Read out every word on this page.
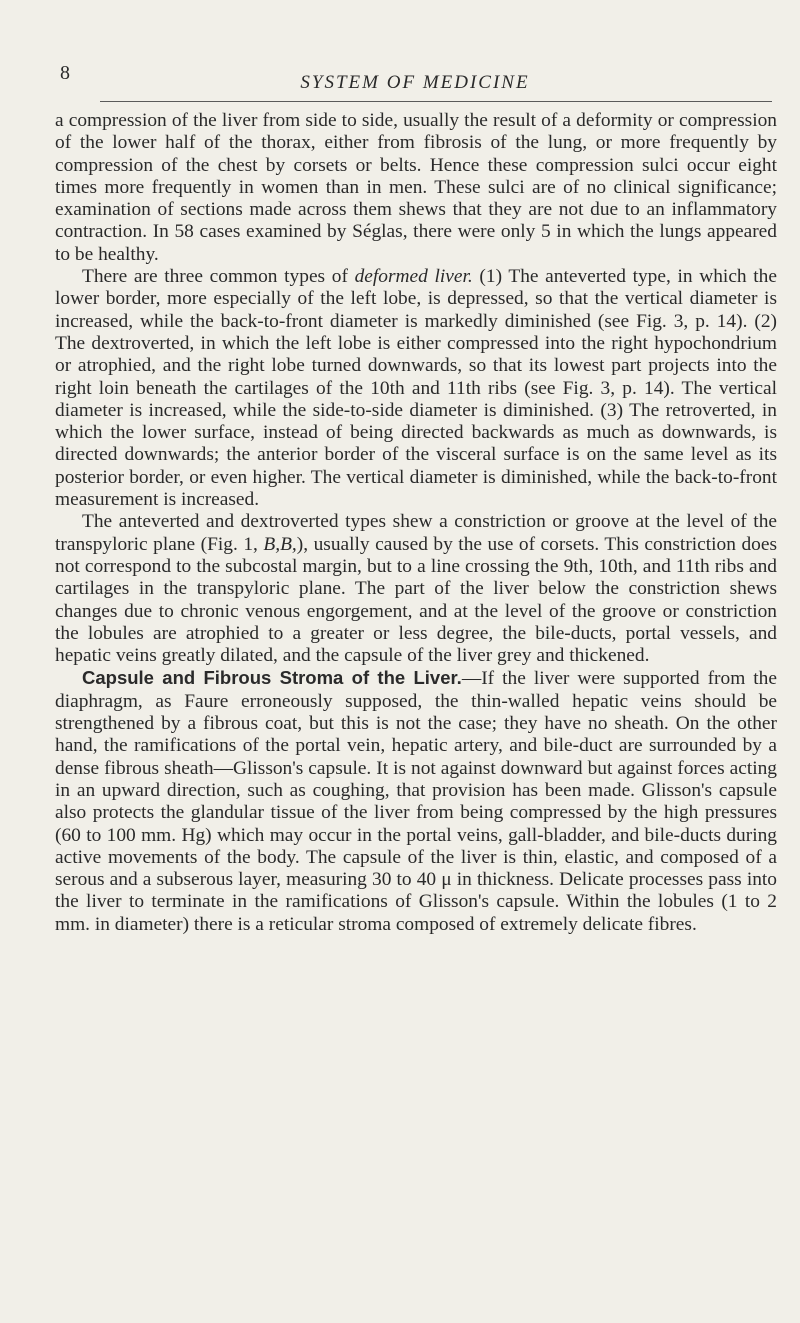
8	SYSTEM OF MEDICINE

a compression of the liver from side to side, usually the result of a deformity or compression of the lower half of the thorax, either from fibrosis of the lung, or more frequently by compression of the chest by corsets or belts. Hence these compression sulci occur eight times more frequently in women than in men. These sulci are of no clinical significance; examination of sections made across them shews that they are not due to an inflammatory contraction. In 58 cases examined by Séglas, there were only 5 in which the lungs appeared to be healthy.

There are three common types of deformed liver. (1) The anteverted type, in which the lower border, more especially of the left lobe, is depressed, so that the vertical diameter is increased, while the back-to-front diameter is markedly diminished (see Fig. 3, p. 14). (2) The dextroverted, in which the left lobe is either compressed into the right hypochondrium or atrophied, and the right lobe turned downwards, so that its lowest part projects into the right loin beneath the cartilages of the 10th and 11th ribs (see Fig. 3, p. 14). The vertical diameter is increased, while the side-to-side diameter is diminished. (3) The retroverted, in which the lower surface, instead of being directed backwards as much as downwards, is directed downwards; the anterior border of the visceral surface is on the same level as its posterior border, or even higher. The vertical diameter is diminished, while the back-to-front measurement is increased.

The anteverted and dextroverted types shew a constriction or groove at the level of the transpyloric plane (Fig. 1, B,B,), usually caused by the use of corsets. This constriction does not correspond to the subcostal margin, but to a line crossing the 9th, 10th, and 11th ribs and cartilages in the transpyloric plane. The part of the liver below the constriction shews changes due to chronic venous engorgement, and at the level of the groove or constriction the lobules are atrophied to a greater or less degree, the bile-ducts, portal vessels, and hepatic veins greatly dilated, and the capsule of the liver grey and thickened.

Capsule and Fibrous Stroma of the Liver.—If the liver were supported from the diaphragm, as Faure erroneously supposed, the thin-walled hepatic veins should be strengthened by a fibrous coat, but this is not the case; they have no sheath. On the other hand, the ramifications of the portal vein, hepatic artery, and bile-duct are surrounded by a dense fibrous sheath—Glisson's capsule. It is not against downward but against forces acting in an upward direction, such as coughing, that provision has been made. Glisson's capsule also protects the glandular tissue of the liver from being compressed by the high pressures (60 to 100 mm. Hg) which may occur in the portal veins, gall-bladder, and bile-ducts during active movements of the body. The capsule of the liver is thin, elastic, and composed of a serous and a subserous layer, measuring 30 to 40 μ in thickness. Delicate processes pass into the liver to terminate in the ramifications of Glisson's capsule. Within the lobules (1 to 2 mm. in diameter) there is a reticular stroma composed of extremely delicate fibres.
